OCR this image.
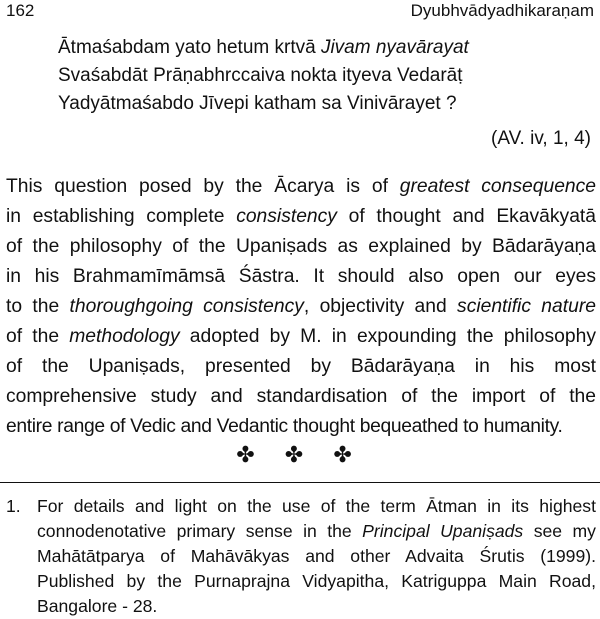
162	Dyubhvādyadhikaraṇam
Ātmaśabdam yato hetum krtvā Jivam nyavārayat
Svaśabdāt Prāṇabhrccaiva nokta ityeva Vedarāṭ
Yadyātmaśabdo Jīvepi katham sa Vinivārayet ?
(AV. iv, 1, 4)
This question posed by the Ācarya is of greatest consequence
in establishing complete consistency of thought and Ekavākyatā
of the philosophy of the Upaniṣads as explained by Bādarāyaṇa
in his Brahmamīmāmsā Śāstra. It should also open our eyes
to the thoroughgoing consistency, objectivity and scientific nature
of the methodology adopted by M. in expounding the philosophy
of the Upaniṣads, presented by Bādarāyaṇa in his most
comprehensive study and standardisation of the import of the
entire range of Vedic and Vedantic thought bequeathed to humanity.
✤ ✤ ✤
1. For details and light on the use of the term Ātman in its highest
connodenotative primary sense in the Principal Upaniṣads see my
Mahātātparya of Mahāvākyas and other Advaita Śrutis (1999).
Published by the Purnaprajna Vidyapitha, Katriguppa Main Road,
Bangalore - 28.
